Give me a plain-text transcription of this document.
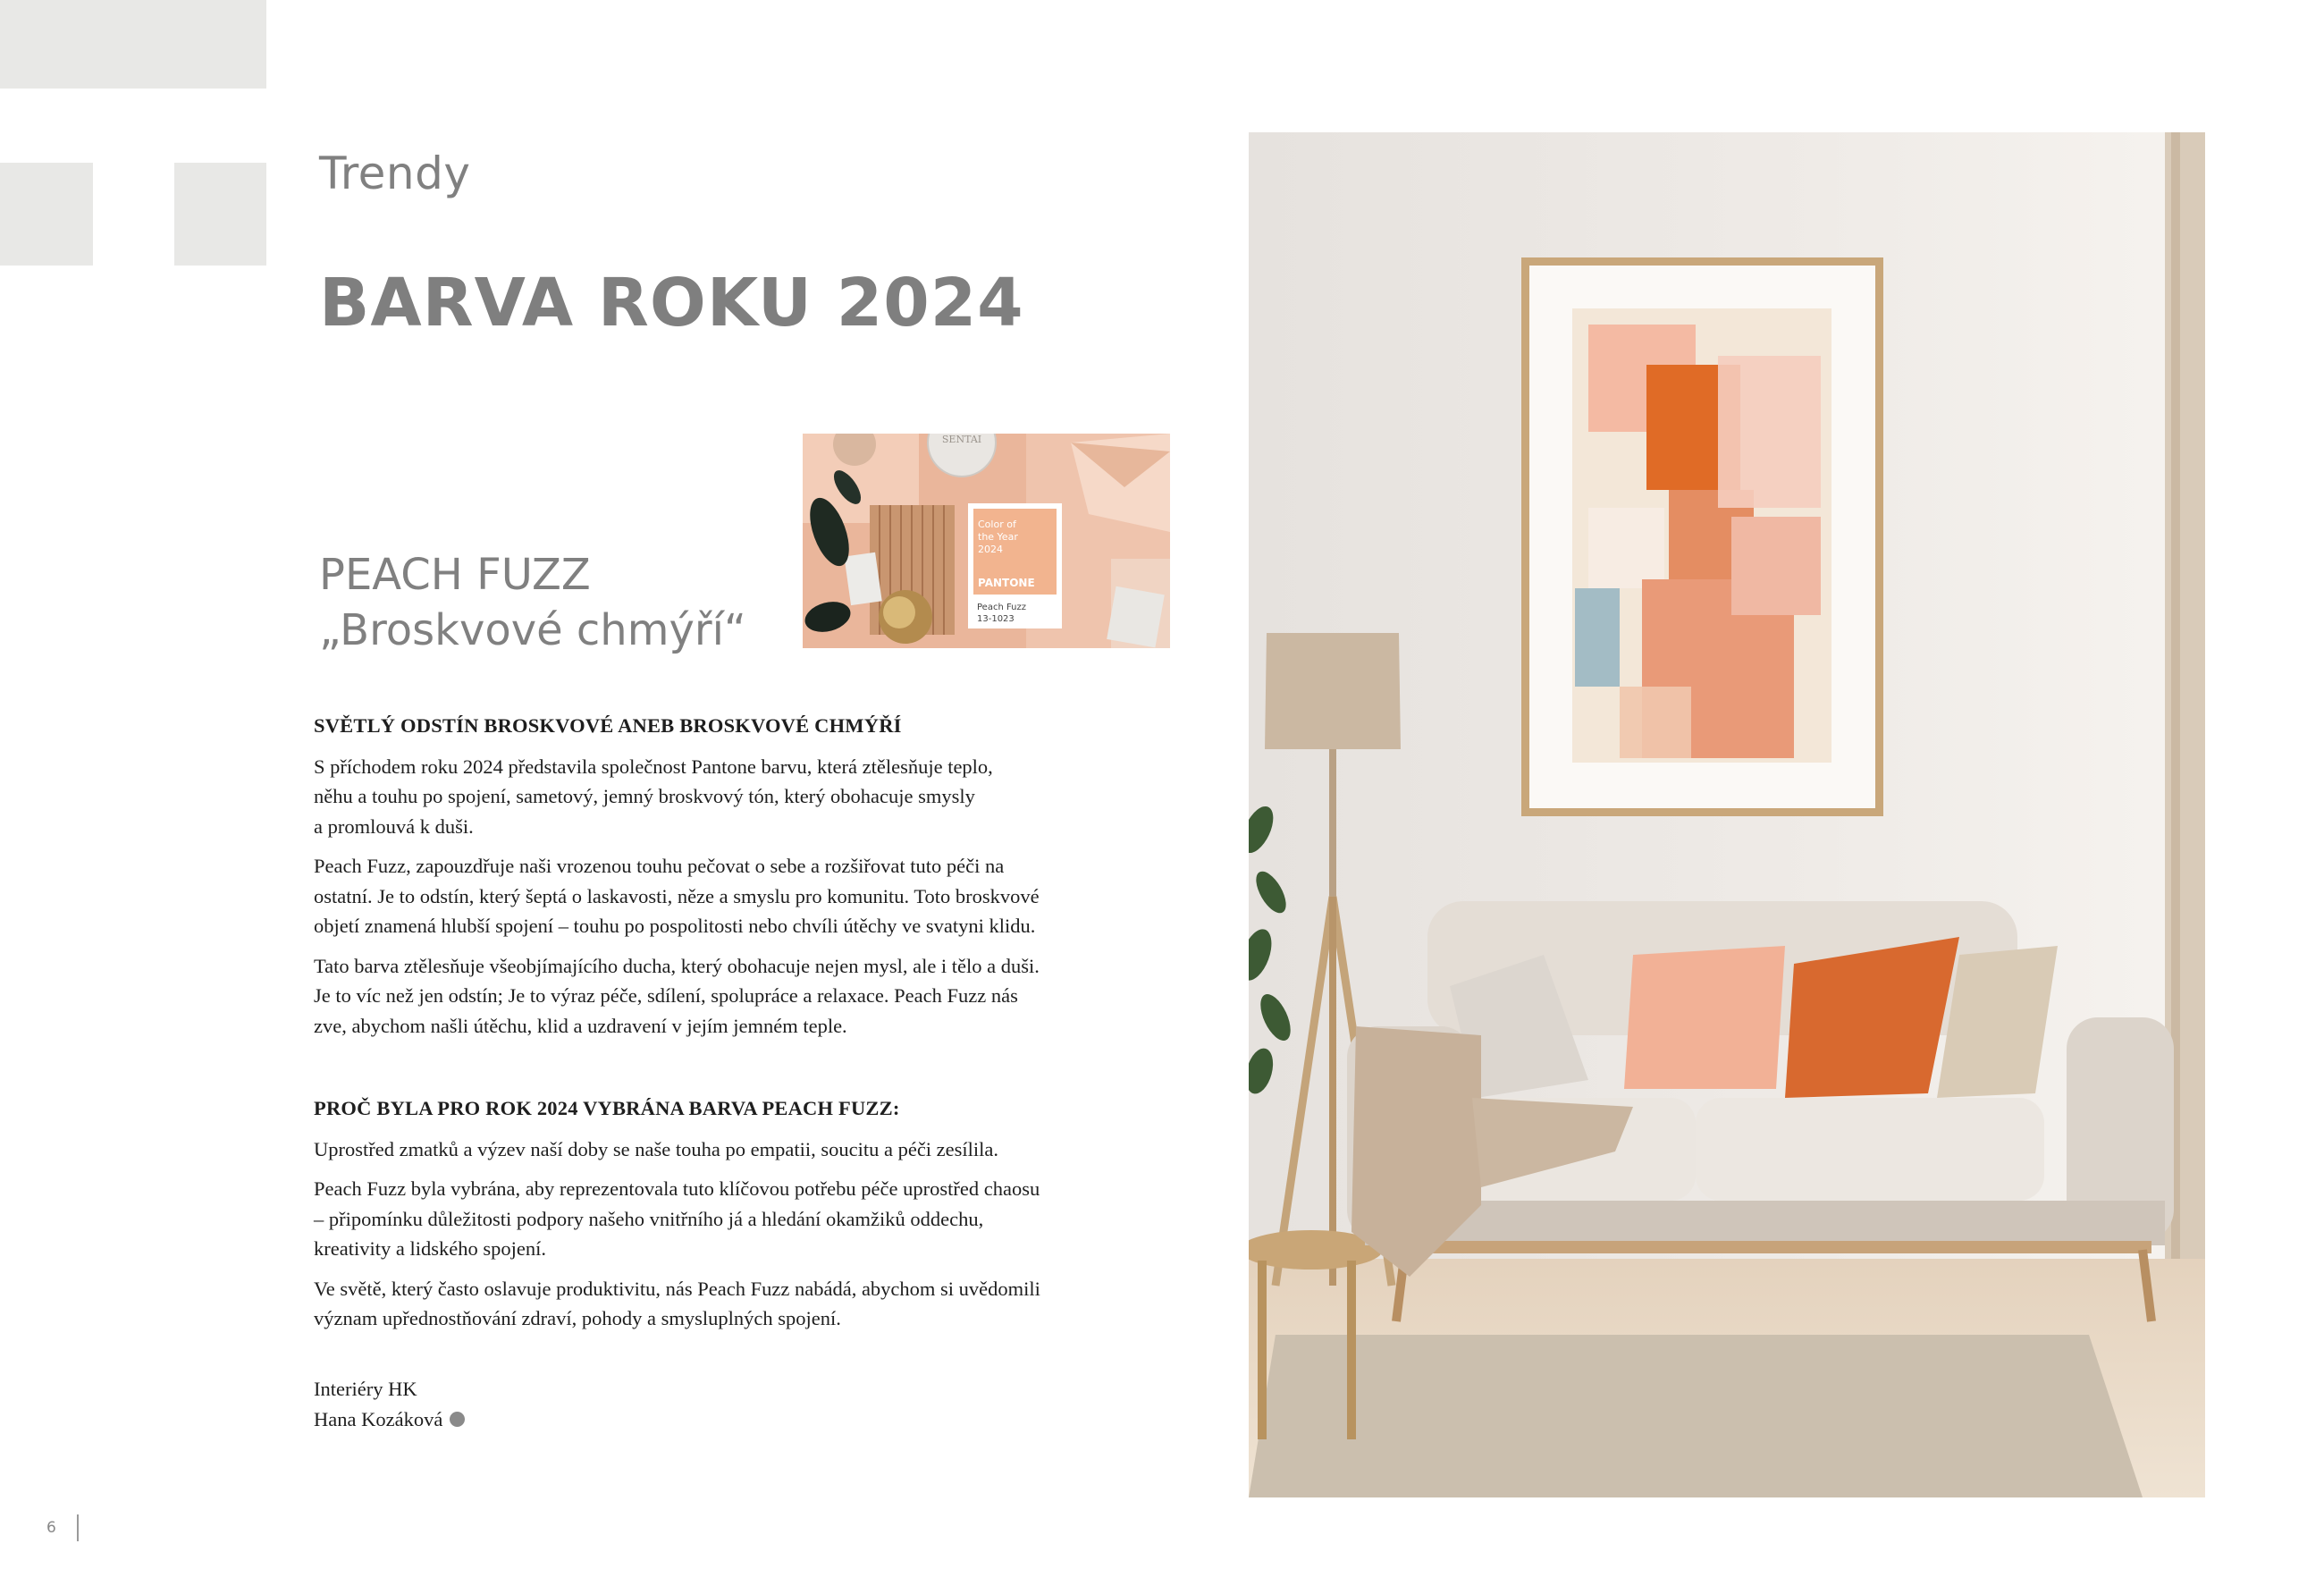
Trendy
BARVA ROKU 2024
PEACH FUZZ
„Broskvové chmýří“
SENTAI
Color of
the Year
2024
PANTONE
Peach Fuzz
13-1023

SVĚTLÝ ODSTÍN BROSKVOVÉ ANEB BROSKVOVÉ CHMÝŘÍ

S příchodem roku 2024 představila společnost Pantone barvu, která ztělesňuje teplo,
něhu a touhu po spojení, sametový, jemný broskvový tón, který obohacuje smysly
a promlouvá k duši.

Peach Fuzz, zapouzdřuje naši vrozenou touhu pečovat o sebe a rozšiřovat tuto péči na
ostatní. Je to odstín, který šeptá o laskavosti, něze a smyslu pro komunitu. Toto broskvové
objetí znamená hlubší spojení – touhu po pospolitosti nebo chvíli útěchy ve svatyni klidu.

Tato barva ztělesňuje všeobjímajícího ducha, který obohacuje nejen mysl, ale i tělo a duši.
Je to víc než jen odstín; Je to výraz péče, sdílení, spolupráce a relaxace. Peach Fuzz nás
zve, abychom našli útěchu, klid a uzdravení v jejím jemném teple.

PROČ BYLA PRO ROK 2024 VYBRÁNA BARVA PEACH FUZZ:

Uprostřed zmatků a výzev naší doby se naše touha po empatii, soucitu a péči zesílila.

Peach Fuzz byla vybrána, aby reprezentovala tuto klíčovou potřebu péče uprostřed chaosu
– připomínku důležitosti podpory našeho vnitřního já a hledání okamžiků oddechu,
kreativity a lidského spojení.

Ve světě, který často oslavuje produktivitu, nás Peach Fuzz nabádá, abychom si uvědomili
význam upřednostňování zdraví, pohody a smysluplných spojení.

Interiéry HK

Hana Kozáková

6
